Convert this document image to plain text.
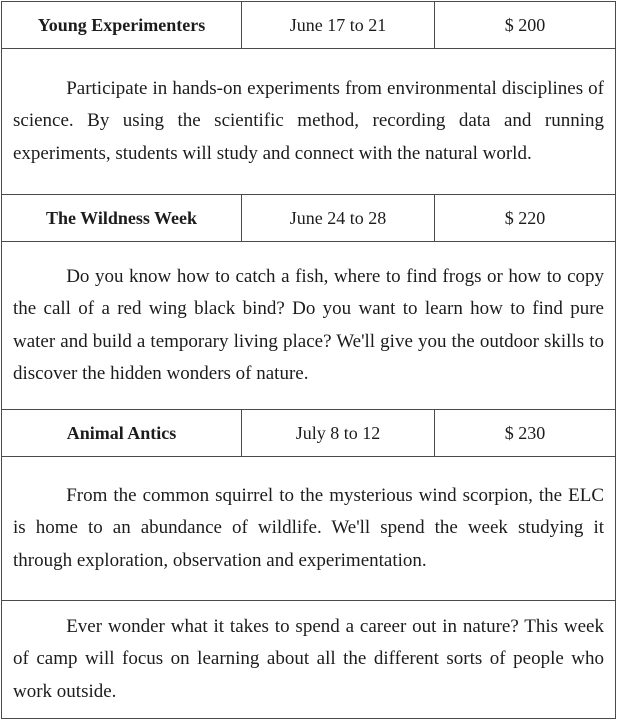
Young Experimenters	June 17 to 21	$ 200

Participate in hands-on experiments from environmental disciplines of science. By using the scientific method, recording data and running experiments, students will study and connect with the natural world.		

The Wildness Week	June 24 to 28	$ 220

Do you know how to catch a fish, where to find frogs or how to copy the call of a red wing black bind? Do you want to learn how to find pure water and build a temporary living place? We'll give you the outdoor skills to discover the hidden wonders of nature.		

Animal Antics	July 8 to 12	$ 230

From the common squirrel to the mysterious wind scorpion, the ELC is home to an abundance of wildlife. We'll spend the week studying it through exploration, observation and experimentation.		

Ever wonder what it takes to spend a career out in nature? This week of camp will focus on learning about all the different sorts of people who work outside.		
